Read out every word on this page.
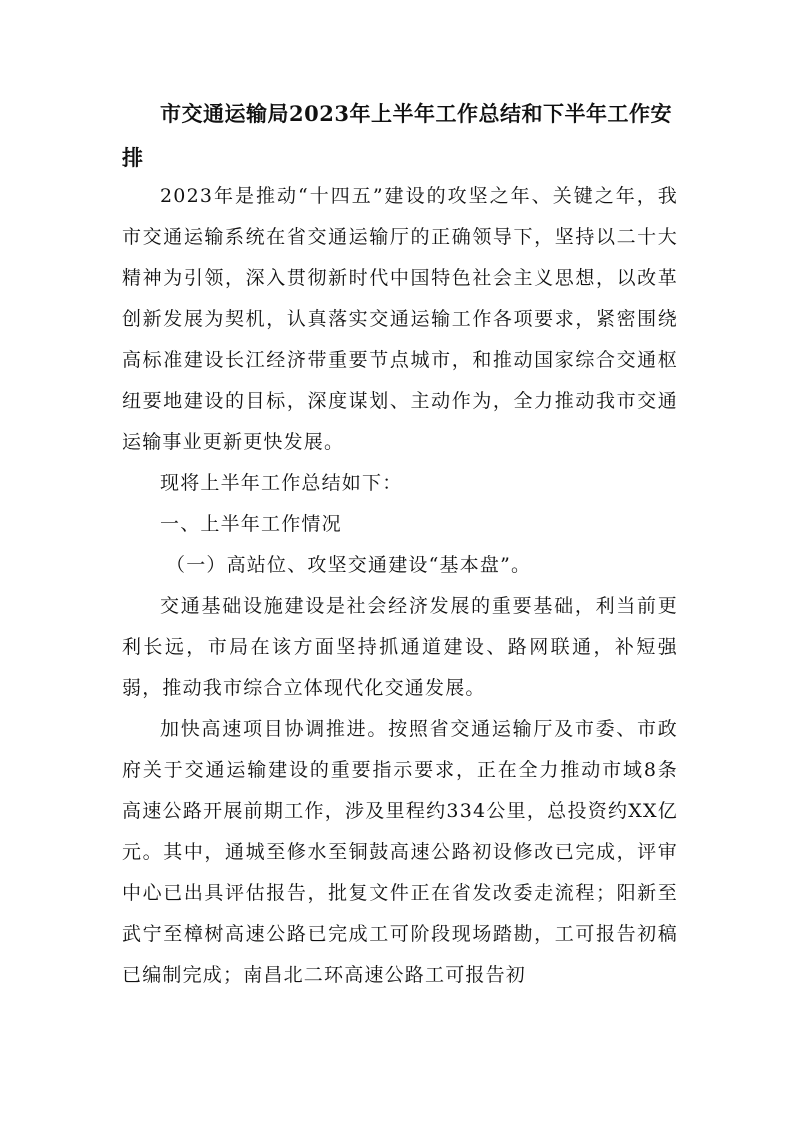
市交通运输局2023年上半年工作总结和下半年工作安排

2023年是推动“十四五”建设的攻坚之年、关键之年，我市交通运输系统在省交通运输厅的正确领导下，坚持以二十大精神为引领，深入贯彻新时代中国特色社会主义思想，以改革创新发展为契机，认真落实交通运输工作各项要求，紧密围绕高标准建设长江经济带重要节点城市，和推动国家综合交通枢纽要地建设的目标，深度谋划、主动作为，全力推动我市交通运输事业更新更快发展。

现将上半年工作总结如下：

一、上半年工作情况

（一）高站位、攻坚交通建设“基本盘”。

交通基础设施建设是社会经济发展的重要基础，利当前更利长远，市局在该方面坚持抓通道建设、路网联通，补短强弱，推动我市综合立体现代化交通发展。

加快高速项目协调推进。按照省交通运输厅及市委、市政府关于交通运输建设的重要指示要求，正在全力推动市域8条高速公路开展前期工作，涉及里程约334公里，总投资约XX亿元。其中，通城至修水至铜鼓高速公路初设修改已完成，评审中心已出具评估报告，批复文件正在省发改委走流程；阳新至武宁至樟树高速公路已完成工可阶段现场踏勘，工可报告初稿已编制完成；南昌北二环高速公路工可报告初
